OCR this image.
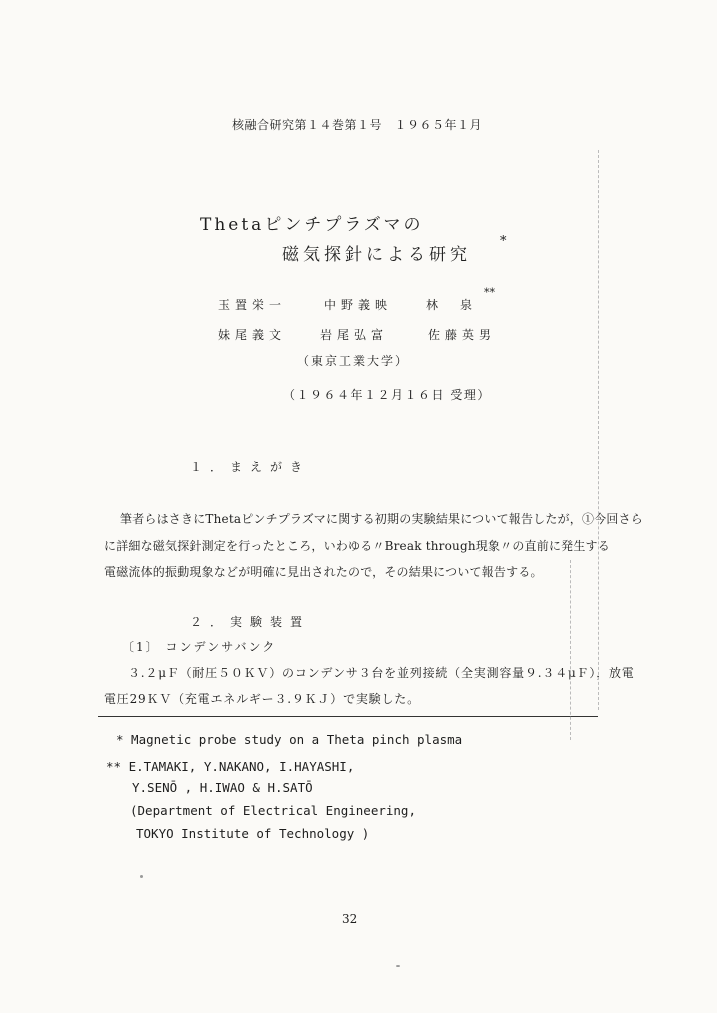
核融合研究第１４巻第１号　１９６５年１月
Thetaピンチプラズマの
磁気探針による研究
*
玉置栄一	中野義映	林　泉
**
妹尾義文	岩尾弘富	佐藤英男
（東京工業大学）
（１９６４年１２月１６日 受理）
１．まえがき
筆者らはさきにThetaピンチプラズマに関する初期の実験結果について報告したが，①今回さら
に詳細な磁気探針測定を行ったところ，いわゆる〃Break through現象〃の直前に発生する
電磁流体的振動現象などが明確に見出されたので，その結果について報告する。
２．実験装置
〔1〕 コンデンサバンク
３.２μＦ（耐圧５０ＫＶ）のコンデンサ３台を並列接続（全実測容量９.３４μＦ），放電
電圧29ＫＶ（充電エネルギー３.９ＫＪ）で実験した。
* Magnetic probe study on a Theta pinch plasma
** E.TAMAKI, Y.NAKANO, I.HAYASHI,
Y.SENŌ , H.IWAO & H.SATŌ
(Department of Electrical Engineering,
TOKYO Institute of Technology )
32
